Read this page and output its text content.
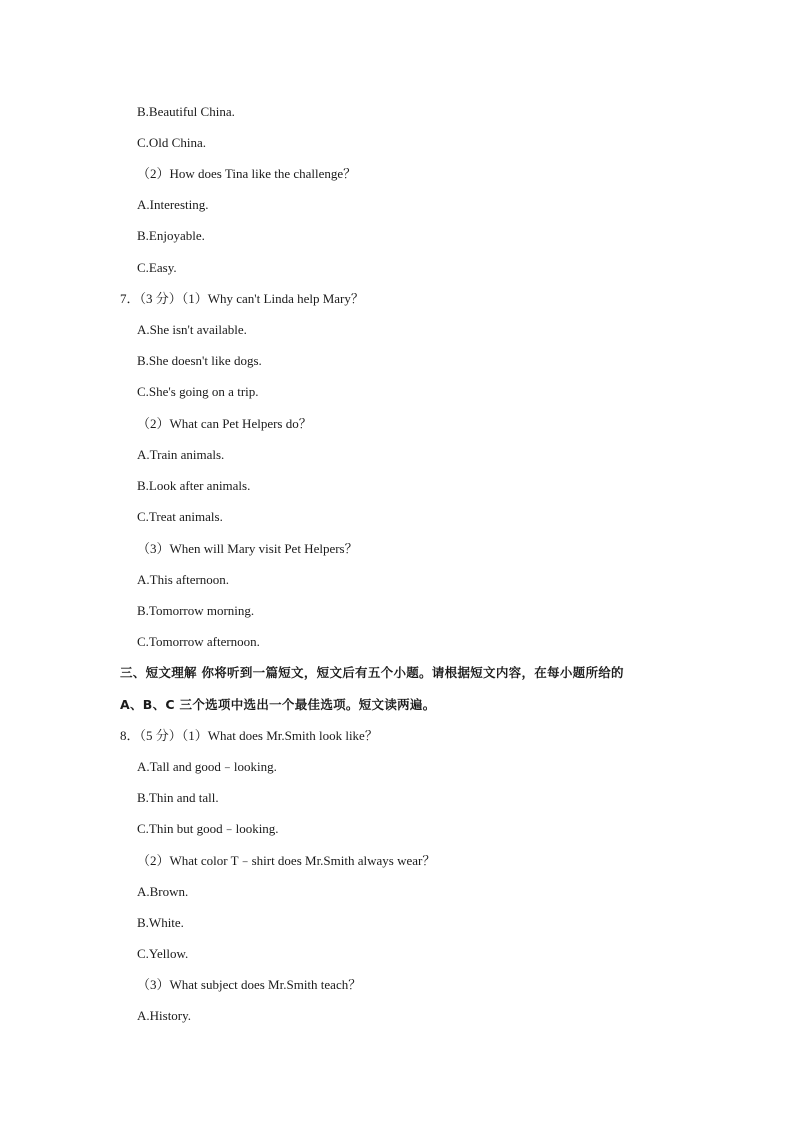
B.Beautiful China.
C.Old China.
（2）How does Tina like the challenge？
A.Interesting.
B.Enjoyable.
C.Easy.
7．（3 分）（1）Why can't Linda help Mary？
A.She isn't available.
B.She doesn't like dogs.
C.She's going on a trip.
（2）What can Pet Helpers do？
A.Train animals.
B.Look after animals.
C.Treat animals.
（3）When will Mary visit Pet Helpers？
A.This afternoon.
B.Tomorrow morning.
C.Tomorrow afternoon.
三、短文理解 你将听到一篇短文，短文后有五个小题。请根据短文内容，在每小题所给的
A、B、C 三个选项中选出一个最佳选项。短文读两遍。
8．（5 分）（1）What does Mr.Smith look like？
A.Tall and good﹣looking.
B.Thin and tall.
C.Thin but good﹣looking.
（2）What color T﹣shirt does Mr.Smith always wear？
A.Brown.
B.White.
C.Yellow.
（3）What subject does Mr.Smith teach？
A.History.
